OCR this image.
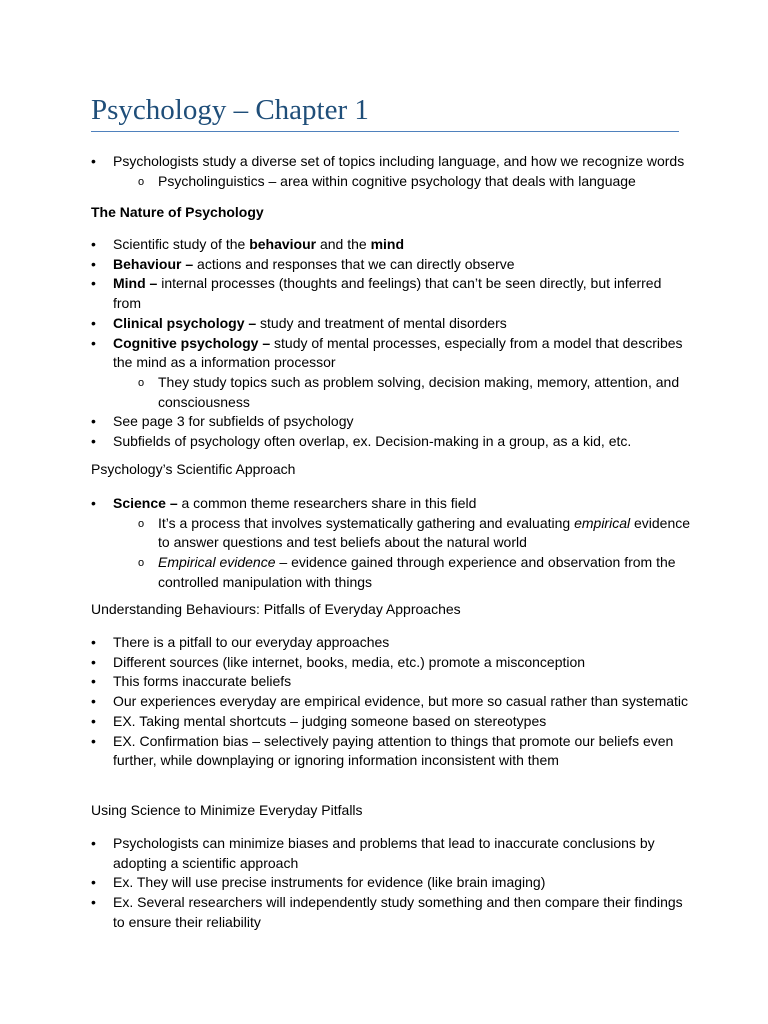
Psychology – Chapter 1
• Psychologists study a diverse set of topics including language, and how we recognize words
o Psycholinguistics – area within cognitive psychology that deals with language
The Nature of Psychology
• Scientific study of the behaviour and the mind
• Behaviour – actions and responses that we can directly observe
• Mind – internal processes (thoughts and feelings) that can’t be seen directly, but inferred from
• Clinical psychology – study and treatment of mental disorders
• Cognitive psychology – study of mental processes, especially from a model that describes the mind as a information processor
o They study topics such as problem solving, decision making, memory, attention, and consciousness
• See page 3 for subfields of psychology
• Subfields of psychology often overlap, ex. Decision-making in a group, as a kid, etc.
Psychology’s Scientific Approach
• Science – a common theme researchers share in this field
o It’s a process that involves systematically gathering and evaluating empirical evidence to answer questions and test beliefs about the natural world
o Empirical evidence – evidence gained through experience and observation from the controlled manipulation with things
Understanding Behaviours: Pitfalls of Everyday Approaches
• There is a pitfall to our everyday approaches
• Different sources (like internet, books, media, etc.) promote a misconception
• This forms inaccurate beliefs
• Our experiences everyday are empirical evidence, but more so casual rather than systematic
• EX. Taking mental shortcuts – judging someone based on stereotypes
• EX. Confirmation bias – selectively paying attention to things that promote our beliefs even further, while downplaying or ignoring information inconsistent with them
Using Science to Minimize Everyday Pitfalls
• Psychologists can minimize biases and problems that lead to inaccurate conclusions by adopting a scientific approach
• Ex. They will use precise instruments for evidence (like brain imaging)
• Ex. Several researchers will independently study something and then compare their findings to ensure their reliability
